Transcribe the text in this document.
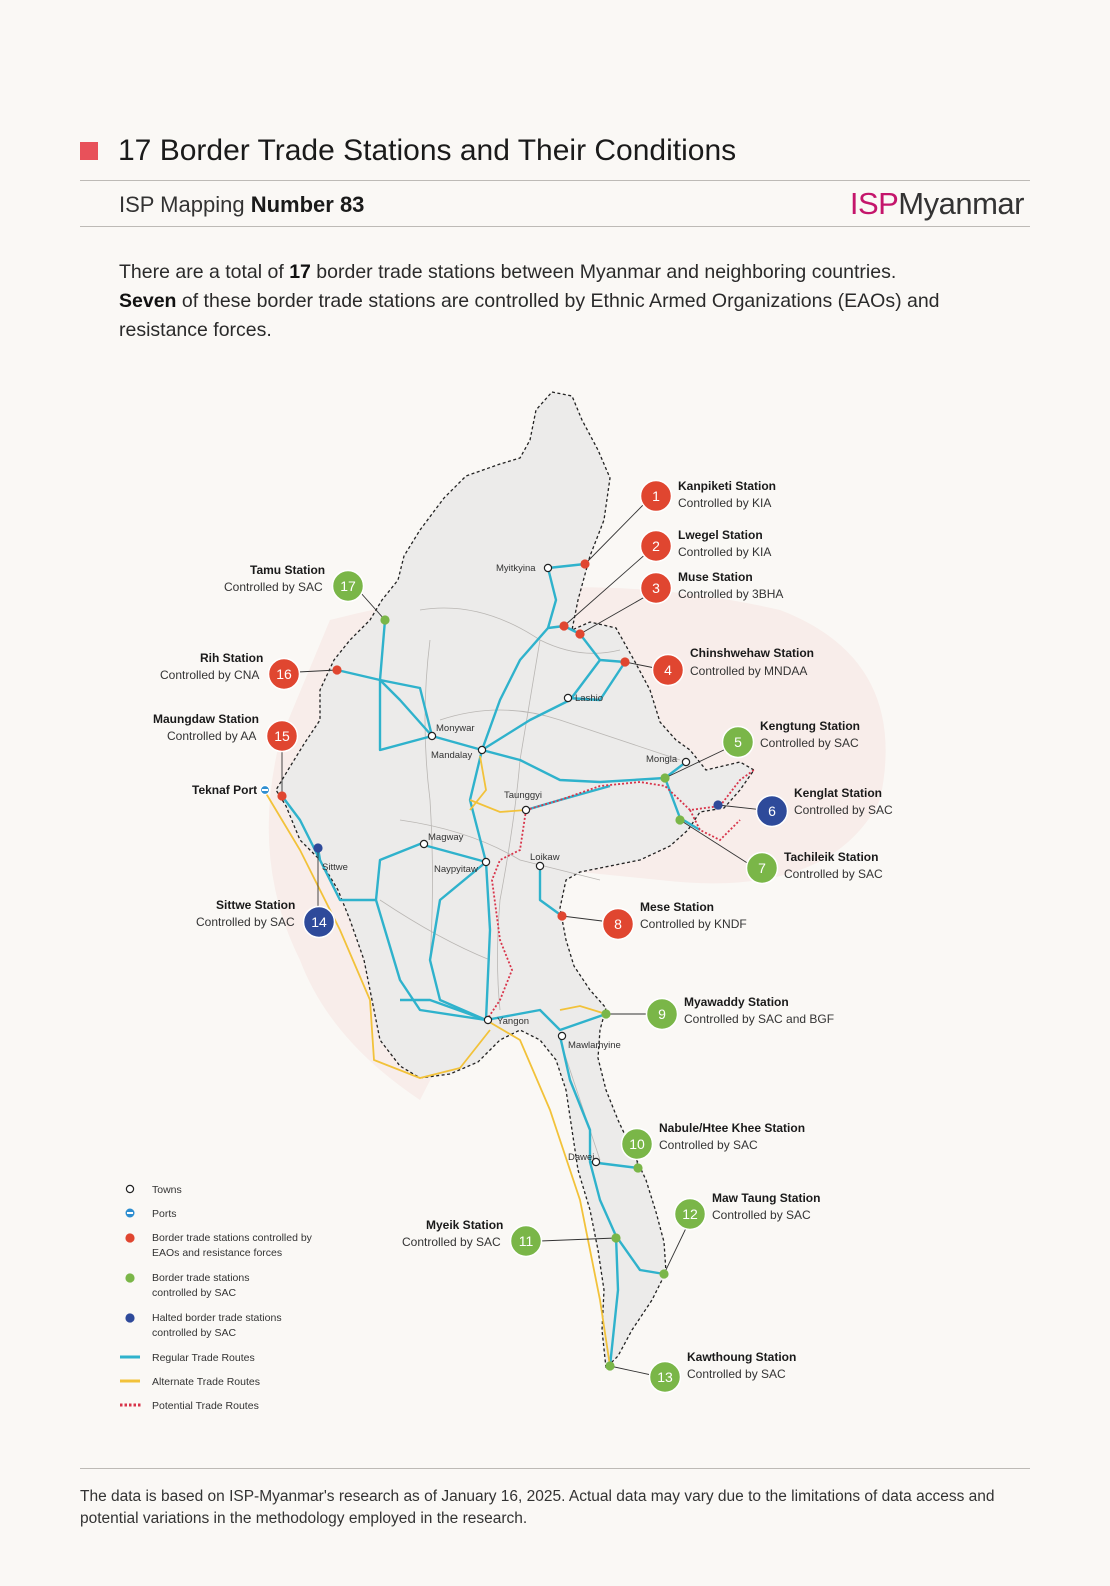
17 Border Trade Stations and Their Conditions
ISP Mapping Number 83	ISPMyanmar
There are a total of 17 border trade stations between Myanmar and neighboring countries.
Seven of these border trade stations are controlled by Ethnic Armed Organizations (EAOs) and resistance forces.
Myitkyina
Lashio
Monywar
Mandalay	Mongla
Taunggyi
Magway
Naypyitaw
Loikaw
Sittwe
Yangon
Mawlamyine
Dawei
Teknaf Port
1
Kanpiketi Station
Controlled by KIA
2
Lwegel Station
Controlled by KIA
3
Muse Station
Controlled by 3BHA
4
Chinshwehaw Station
Controlled by MNDAA
5
Kengtung Station
Controlled by SAC
6
Kenglat Station
Controlled by SAC
7
Tachileik Station
Controlled by SAC
8
Mese Station
Controlled by KNDF
9
Myawaddy Station
Controlled by SAC and BGF
10
Nabule/Htee Khee Station
Controlled by SAC
11
Myeik Station
Controlled by SAC
12
Maw Taung Station
Controlled by SAC
13
Kawthoung Station
Controlled by SAC
14
Sittwe Station
Controlled by SAC
15
Maungdaw Station
Controlled by AA
16
Rih Station
Controlled by CNA
17
Tamu Station
Controlled by SAC
Towns
Ports
Border trade stations controlled by
EAOs and resistance forces
Border trade stations
controlled by SAC
Halted border trade stations
controlled by SAC
Regular Trade Routes
Alternate Trade Routes
Potential Trade Routes
The data is based on ISP-Myanmar's research as of January 16, 2025. Actual data may vary due to the limitations of data access and potential variations in the methodology employed in the research.
